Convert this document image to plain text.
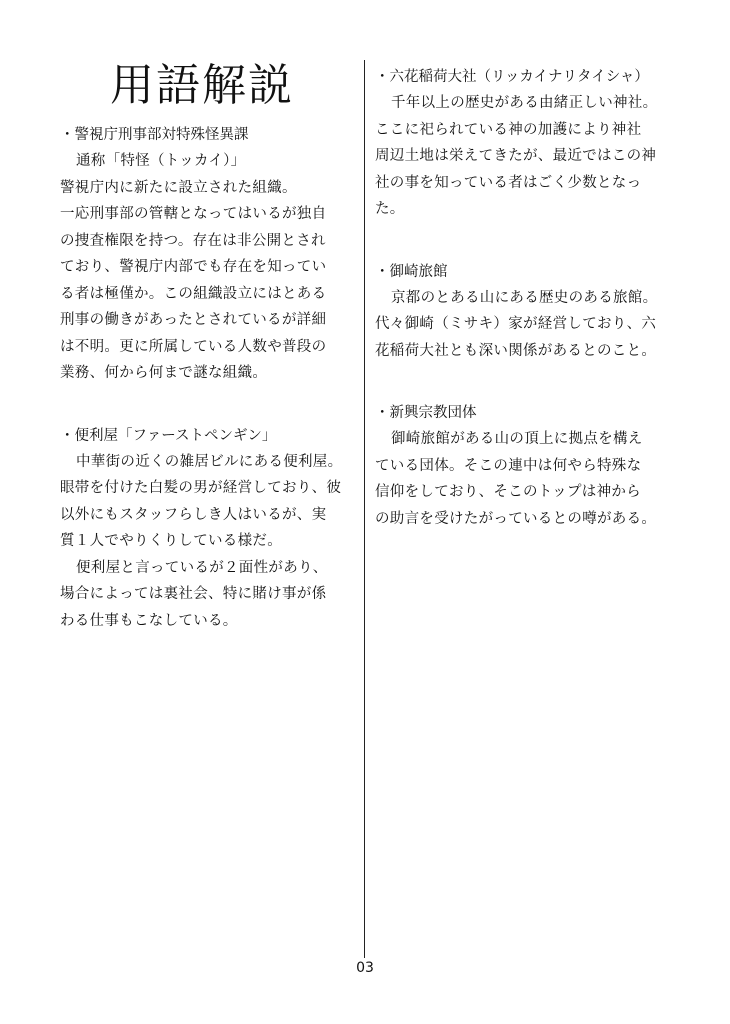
用語解説

・警視庁刑事部対特殊怪異課

通称「特怪（トッカイ）」

警視庁内に新たに設立された組織。

一応刑事部の管轄となってはいるが独自

の捜査権限を持つ。存在は非公開とされ

ており、警視庁内部でも存在を知ってい

る者は極僅か。この組織設立にはとある

刑事の働きがあったとされているが詳細

は不明。更に所属している人数や普段の

業務、何から何まで謎な組織。

・便利屋「ファーストペンギン」

中華街の近くの雑居ビルにある便利屋。

眼帯を付けた白髪の男が経営しており、彼

以外にもスタッフらしき人はいるが、実

質１人でやりくりしている様だ。

便利屋と言っているが２面性があり、

場合によっては裏社会、特に賭け事が係

わる仕事もこなしている。

・六花稲荷大社（リッカイナリタイシャ）

千年以上の歴史がある由緒正しい神社。

ここに祀られている神の加護により神社

周辺土地は栄えてきたが、最近ではこの神

社の事を知っている者はごく少数となっ

た。

・御崎旅館

京都のとある山にある歴史のある旅館。

代々御崎（ミサキ）家が経営しており、六

花稲荷大社とも深い関係があるとのこと。

・新興宗教団体

御崎旅館がある山の頂上に拠点を構え

ている団体。そこの連中は何やら特殊な

信仰をしており、そこのトップは神から

の助言を受けたがっているとの噂がある。

03
